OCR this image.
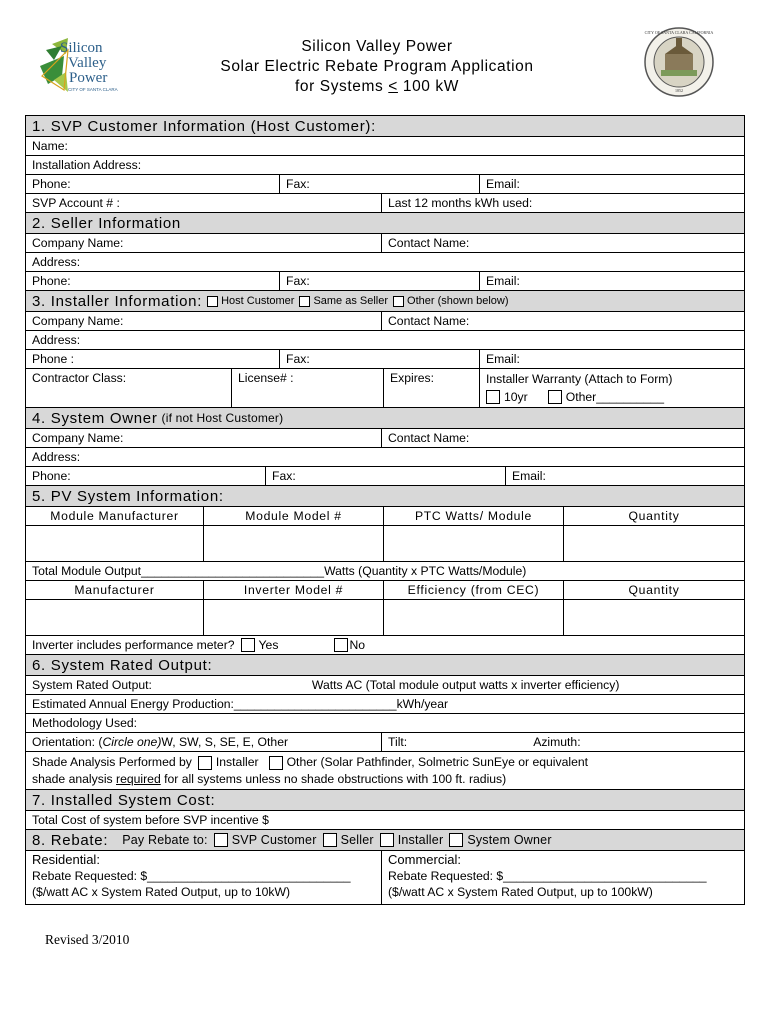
Silicon
Valley
Power
CITY OF SANTA CLARA
Silicon Valley Power
Solar Electric Rebate Program Application
for Systems < 100 kW
CITY OF SANTA CLARA CALIFORNIA
1852
1. SVP Customer Information (Host Customer):
Name:
Installation Address:
Phone:	Fax:	Email:
SVP Account # :	Last 12 months kWh used:
2. Seller Information
Company Name:	Contact Name:
Address:
Phone:	Fax:	Email:
3. Installer Information: Host Customer Same as Seller Other (shown below)
Company Name:	Contact Name:
Address:
Phone :	Fax:	Email:
Contractor Class:	License# :	Expires:	Installer Warranty (Attach to Form)
10yr	Other__________
4. System Owner (if not Host Customer)
Company Name:	Contact Name:
Address:
Phone:	Fax:	Email:
5. PV System Information:
Module Manufacturer	Module Model #	PTC Watts/ Module	Quantity
Total Module Output___________________________Watts (Quantity x PTC Watts/Module)
Manufacturer	Inverter Model #	Efficiency (from CEC)	Quantity
Inverter includes performance meter? Yes	No
6. System Rated Output:
System Rated Output:	Watts AC (Total module output watts x inverter efficiency)
Estimated Annual Energy Production:________________________kWh/year
Methodology Used:
Orientation: ( Circle one) W, SW, S, SE, E, Other	Tilt:	Azimuth:
Shade Analysis Performed by Installer Other (Solar Pathfinder, Solmetric SunEye or equivalent
shade analysis required for all systems unless no shade obstructions with 100 ft. radius)
7. Installed System Cost:
Total Cost of system before SVP incentive $
8. Rebate: Pay Rebate to: SVP Customer Seller Installer System Owner
Residential:
Rebate Requested: $______________________________
($/watt AC x System Rated Output, up to 10kW)
Commercial:
Rebate Requested: $______________________________
($/watt AC x System Rated Output, up to 100kW)
Revised 3/2010
